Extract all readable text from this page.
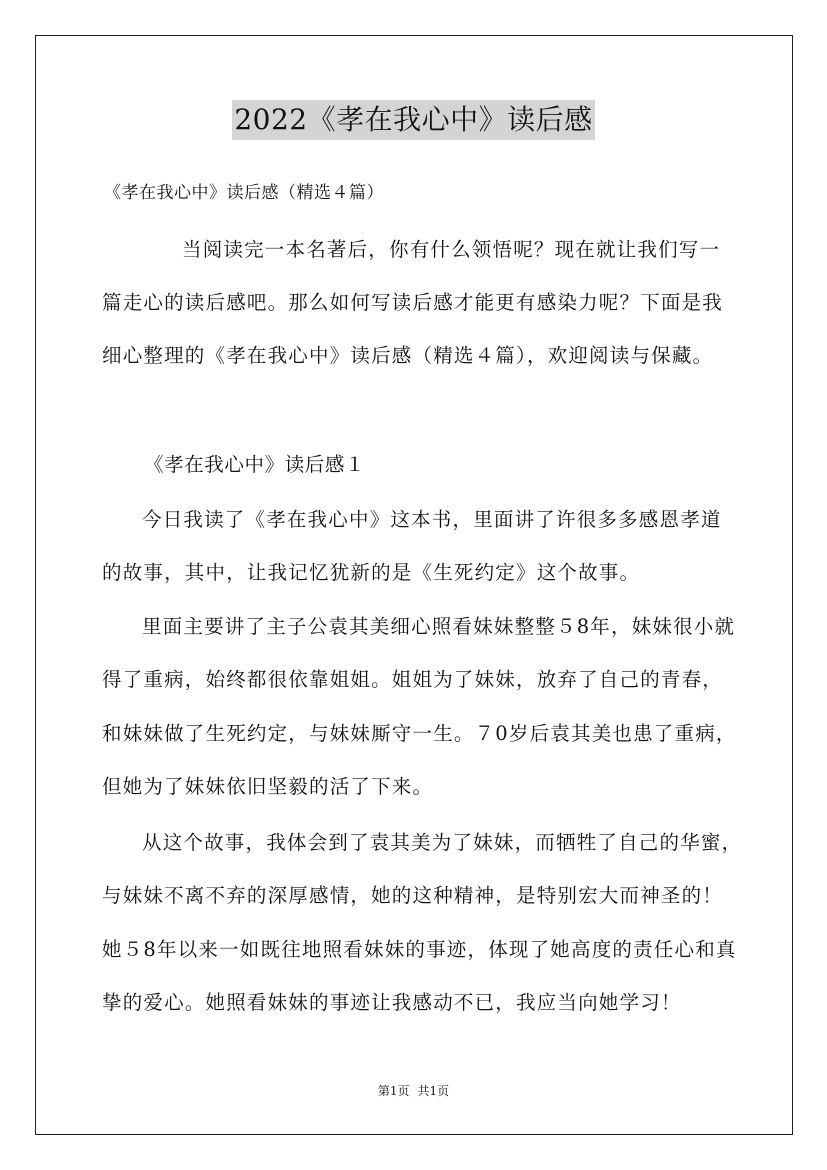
2022《孝在我心中》读后感
《孝在我心中》读后感（精选４篇）
当阅读完一本名著后，你有什么领悟呢？现在就让我们写一
篇走心的读后感吧。那么如何写读后感才能更有感染力呢？下面是我
细心整理的《孝在我心中》读后感（精选４篇），欢迎阅读与保藏。
《孝在我心中》读后感１
今日我读了《孝在我心中》这本书，里面讲了许很多多感恩孝道
的故事，其中，让我记忆犹新的是《生死约定》这个故事。
里面主要讲了主子公袁其美细心照看妹妹整整５8年，妹妹很小就
得了重病，始终都很依靠姐姐。姐姐为了妹妹，放弃了自己的青春，
和妹妹做了生死约定，与妹妹厮守一生。７0岁后袁其美也患了重病，
但她为了妹妹依旧坚毅的活了下来。
从这个故事，我体会到了袁其美为了妹妹，而牺牲了自己的华蜜，
与妹妹不离不弃的深厚感情，她的这种精神，是特别宏大而神圣的！
她５8年以来一如既往地照看妹妹的事迹，体现了她高度的责任心和真
挚的爱心。她照看妹妹的事迹让我感动不已，我应当向她学习！
第1页 共1页
